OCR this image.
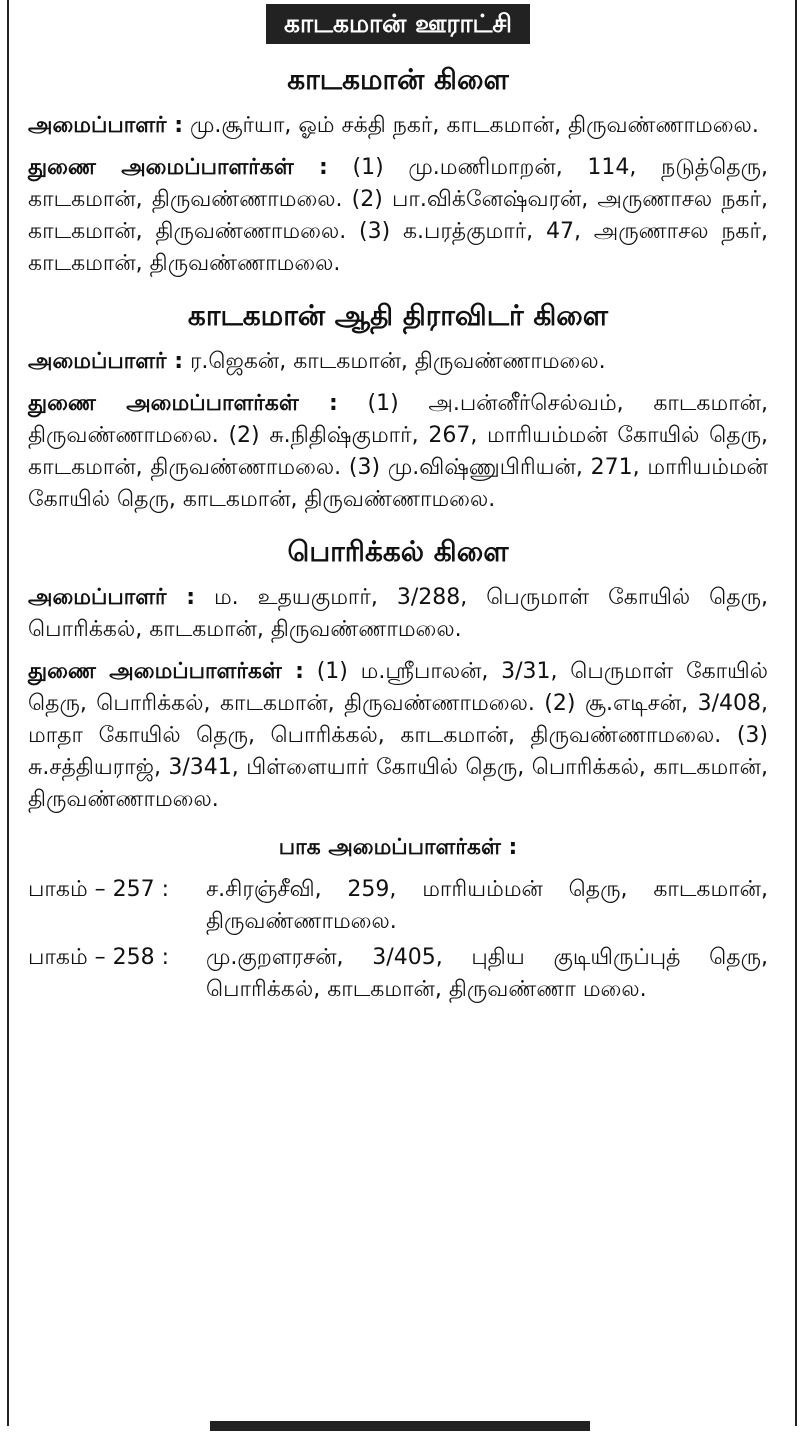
காடகமான் ஊராட்சி
காடகமான் கிளை

அமைப்பாளர் : மு.சூர்யா, ஓம் சக்தி நகர், காடகமான், திருவண்ணாமலை.

துணை அமைப்பாளர்கள் : (1) மு.மணிமாறன், 114, நடுத்தெரு, காடகமான், திருவண்ணாமலை. (2) பா.விக்னேஷ்வரன், அருணாசல நகர், காடகமான், திருவண்ணாமலை. (3) க.பரத்குமார், 47, அருணாசல நகர், காடகமான், திருவண்ணாமலை.

காடகமான் ஆதி திராவிடர் கிளை

அமைப்பாளர் : ர.ஜெகன், காடகமான், திருவண்ணாமலை.

துணை அமைப்பாளர்கள் : (1) அ.பன்னீர்செல்வம், காடகமான், திருவண்ணாமலை. (2) சு.நிதிஷ்குமார், 267, மாரியம்மன் கோயில் தெரு, காடகமான், திருவண்ணாமலை. (3) மு.விஷ்ணுபிரியன், 271, மாரியம்மன் கோயில் தெரு, காடகமான், திருவண்ணாமலை.

பொரிக்கல் கிளை

அமைப்பாளர் : ம. உதயகுமார், 3/288, பெருமாள் கோயில் தெரு, பொரிக்கல், காடகமான், திருவண்ணாமலை.

துணை அமைப்பாளர்கள் : (1) ம.ஸ்ரீபாலன், 3/31, பெருமாள் கோயில் தெரு, பொரிக்கல், காடகமான், திருவண்ணாமலை. (2) சூ.எடிசன், 3/408, மாதா கோயில் தெரு, பொரிக்கல், காடகமான், திருவண்ணாமலை. (3) சு.சத்தியராஜ், 3/341, பிள்ளையார் கோயில் தெரு, பொரிக்கல், காடகமான், திருவண்ணாமலை.

பாக அமைப்பாளர்கள் :
பாகம் – 257 :	ச.சிரஞ்சீவி, 259, மாரியம்மன் தெரு, காடகமான், திருவண்ணாமலை.
பாகம் – 258 :	மு.குறளரசன், 3/405, புதிய குடியிருப்புத் தெரு, பொரிக்கல், காடகமான், திருவண்ணா மலை.
